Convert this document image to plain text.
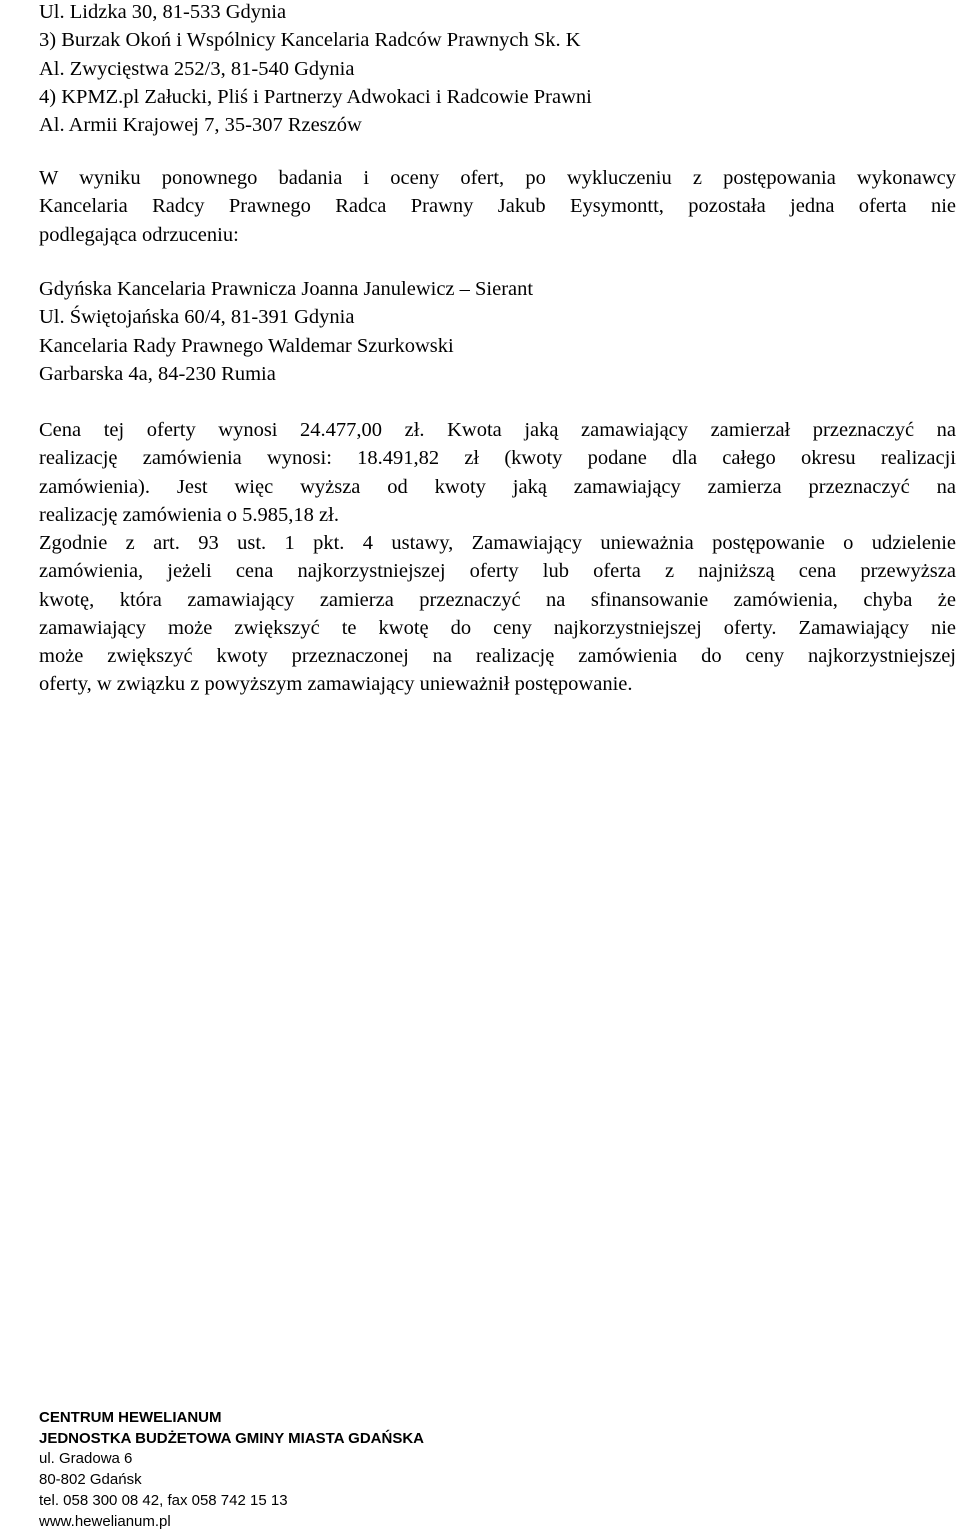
Ul. Lidzka 30, 81-533 Gdynia
3) Burzak Okoń i Wspólnicy Kancelaria Radców Prawnych Sk. K
Al. Zwycięstwa 252/3, 81-540 Gdynia
4) KPMZ.pl Załucki, Pliś i Partnerzy Adwokaci i Radcowie Prawni
Al. Armii Krajowej 7, 35-307 Rzeszów
W wyniku ponownego badania i oceny ofert, po wykluczeniu z postępowania wykonawcy
Kancelaria Radcy Prawnego Radca Prawny Jakub Eysymontt, pozostała jedna oferta nie
podlegająca odrzuceniu:
Gdyńska Kancelaria Prawnicza Joanna Janulewicz – Sierant
Ul. Świętojańska 60/4, 81-391 Gdynia
Kancelaria Rady Prawnego Waldemar Szurkowski
Garbarska 4a, 84-230 Rumia
Cena tej oferty wynosi 24.477,00 zł. Kwota jaką zamawiający zamierzał przeznaczyć na
realizację zamówienia wynosi: 18.491,82 zł (kwoty podane dla całego okresu realizacji
zamówienia). Jest więc wyższa od kwoty jaką zamawiający zamierza przeznaczyć na
realizację zamówienia o 5.985,18 zł.
Zgodnie z art. 93 ust. 1 pkt. 4 ustawy, Zamawiający unieważnia postępowanie o udzielenie
zamówienia, jeżeli cena najkorzystniejszej oferty lub oferta z najniższą cena przewyższa
kwotę, która zamawiający zamierza przeznaczyć na sfinansowanie zamówienia, chyba że
zamawiający może zwiększyć te kwotę do ceny najkorzystniejszej oferty. Zamawiający nie
może zwiększyć kwoty przeznaczonej na realizację zamówienia do ceny najkorzystniejszej
oferty, w związku z powyższym zamawiający unieważnił postępowanie.
CENTRUM HEWELIANUM
JEDNOSTKA BUDŻETOWA GMINY MIASTA GDAŃSKA
ul. Gradowa 6
80-802 Gdańsk
tel. 058 300 08 42, fax 058 742 15 13
www.hewelianum.pl
